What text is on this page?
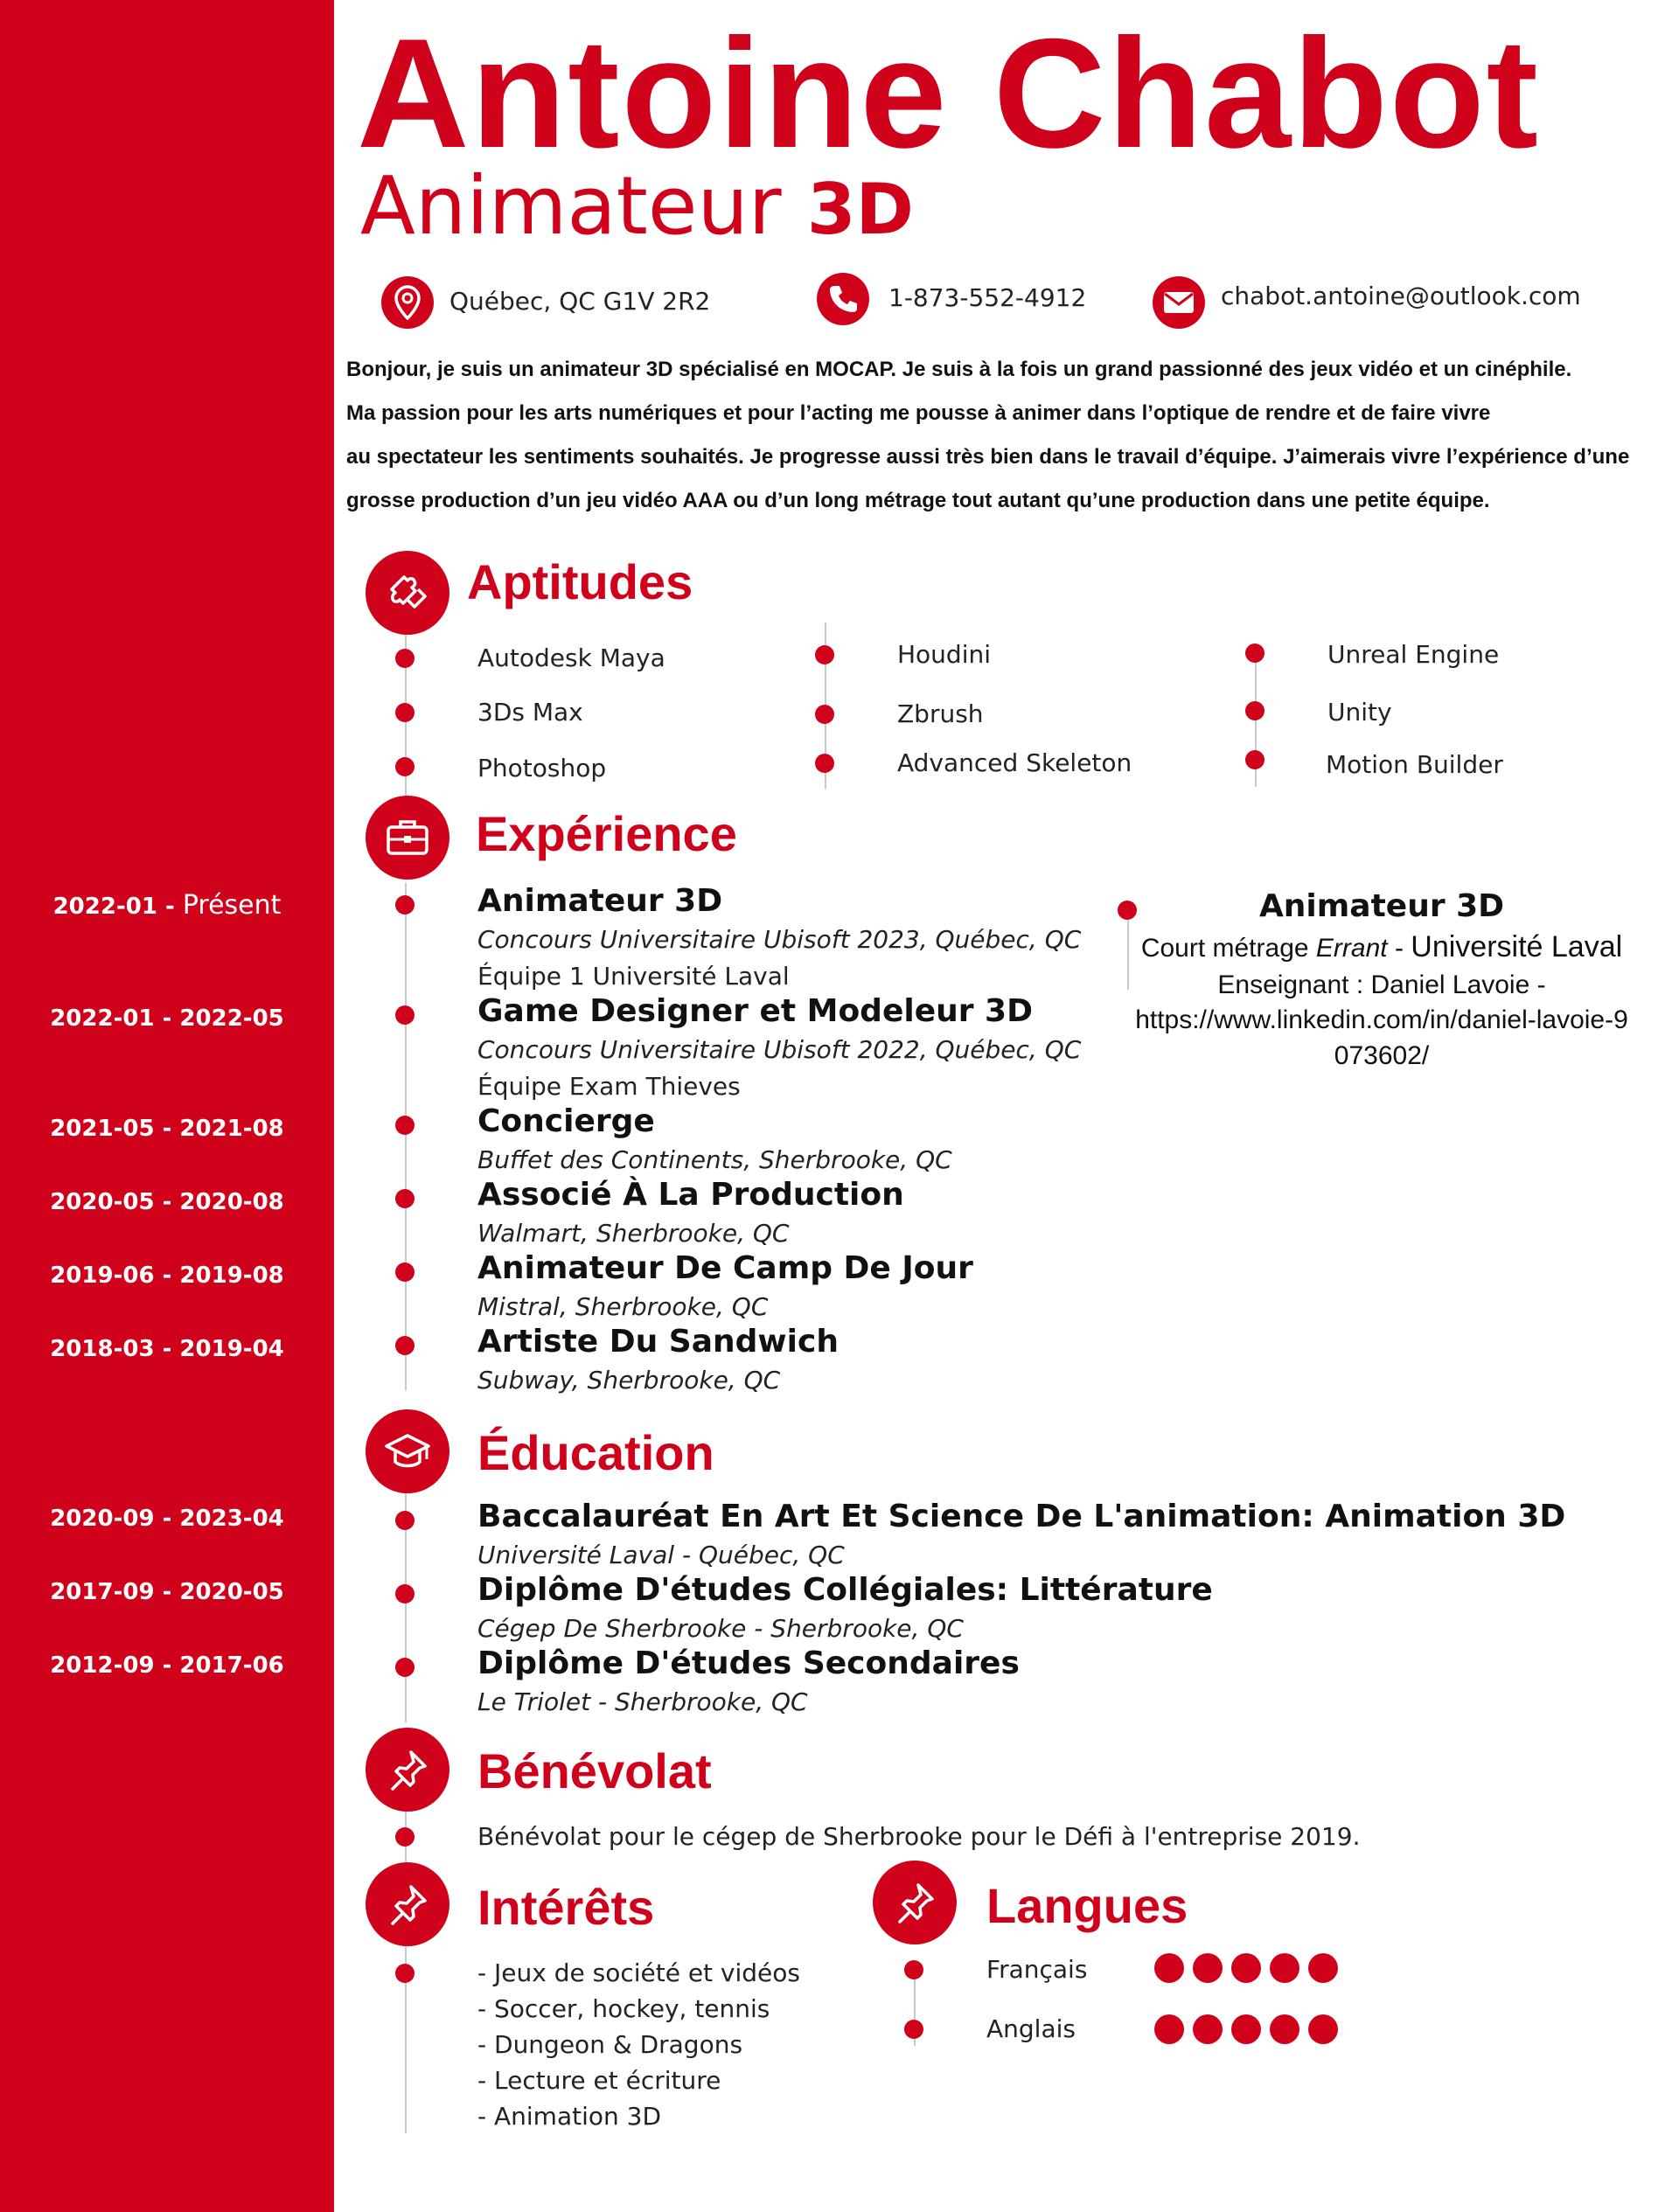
Antoine Chabot
Animateur 3D
Québec, QC G1V 2R2	1-873-552-4912	chabot.antoine@outlook.com
Bonjour, je suis un animateur 3D spécialisé en MOCAP. Je suis à la fois un grand passionné des jeux vidéo et un cinéphile.
Ma passion pour les arts numériques et pour l’acting me pousse à animer dans l’optique de rendre et de faire vivre
au spectateur les sentiments souhaités. Je progresse aussi très bien dans le travail d’équipe. J’aimerais vivre l’expérience d’une
grosse production d’un jeu vidéo AAA ou d’un long métrage tout autant qu’une production dans une petite équipe.
Aptitudes
Autodesk Maya
3Ds Max
Photoshop
Houdini
Zbrush
Advanced Skeleton
Unreal Engine
Unity
Motion Builder
Expérience
2022-01 - Présent	Animateur 3D
Concours Universitaire Ubisoft 2023, Québec, QC
Équipe 1 Université Laval
2022-01 - 2022-05	Game Designer et Modeleur 3D
Concours Universitaire Ubisoft 2022, Québec, QC
Équipe Exam Thieves
2021-05 - 2021-08	Concierge
Buffet des Continents, Sherbrooke, QC
2020-05 - 2020-08	Associé À La Production
Walmart, Sherbrooke, QC
2019-06 - 2019-08	Animateur De Camp De Jour
Mistral, Sherbrooke, QC
2018-03 - 2019-04	Artiste Du Sandwich
Subway, Sherbrooke, QC
Animateur 3D
Court métrage Errant - Université Laval
Enseignant : Daniel Lavoie -
https://www.linkedin.com/in/daniel-lavoie-9
073602/
Éducation
2020-09 - 2023-04	Baccalauréat En Art Et Science De L'animation: Animation 3D
Université Laval - Québec, QC
2017-09 - 2020-05	Diplôme D'études Collégiales: Littérature
Cégep De Sherbrooke - Sherbrooke, QC
2012-09 - 2017-06	Diplôme D'études Secondaires
Le Triolet - Sherbrooke, QC
Bénévolat
Bénévolat pour le cégep de Sherbrooke pour le Défi à l'entreprise 2019.
Intérêts
- Jeux de société et vidéos
- Soccer, hockey, tennis
- Dungeon & Dragons
- Lecture et écriture
- Animation 3D
Langues
Français
Anglais
